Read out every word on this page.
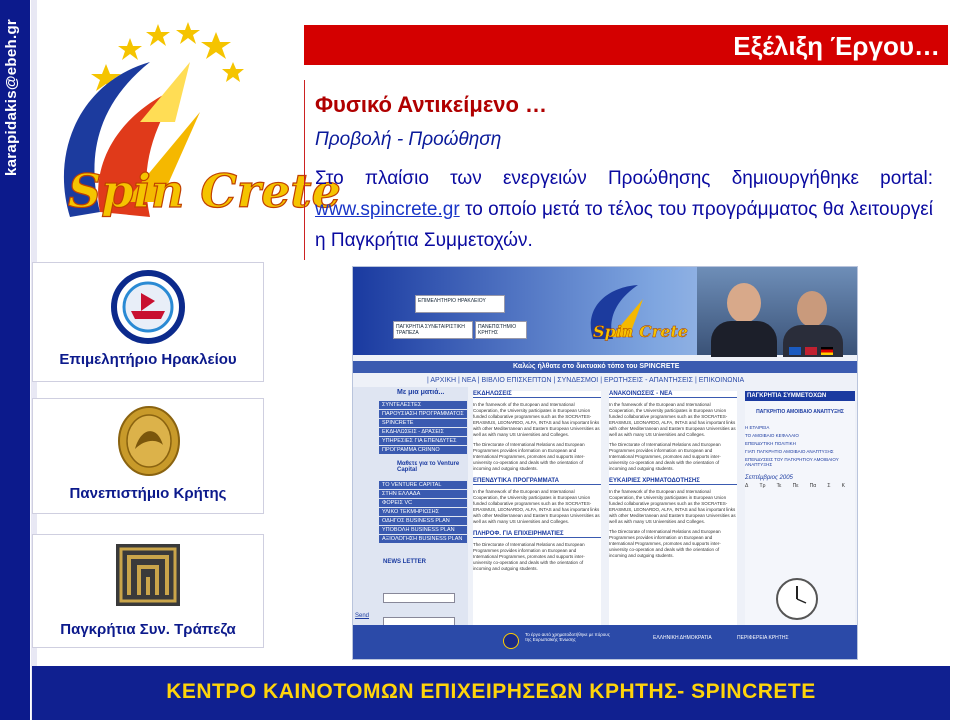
karapidakis@ebeh.gr
Spin Crete
Εξέλιξη Έργου…
Φυσικό Αντικείμενο …
Προβολή - Προώθηση
Στο πλαίσιο των ενεργειών Προώθησης δημιουργήθηκε portal: www.spincrete.gr το οποίο μετά το τέλος του προγράμματος θα λειτουργεί η Παγκρήτια Συμμετοχών.
Επιμελητήριο Ηρακλείου
Πανεπιστήμιο Κρήτης
Παγκρήτια Συν. Τράπεζα
ΕΠΙΜΕΛΗΤΗΡΙΟ ΗΡΑΚΛΕΙΟΥ
ΠΑΓΚΡΗΤΙΑ ΣΥΝΕΤΑΙΡΙΣΤΙΚΗ ΤΡΑΠΕΖΑ
ΠΑΝΕΠΙΣΤΗΜΙΟ ΚΡΗΤΗΣ	Spin Crete
Καλώς ήλθατε στο δικτυακό τόπο του SPINCRETE
| ΑΡΧΙΚΗ | ΝΕΑ | ΒΙΒΛΙΟ ΕΠΙΣΚΕΠΤΩΝ | ΣΥΝΔΕΣΜΟΙ | ΕΡΩΤΗΣΕΙΣ - ΑΠΑΝΤΗΣΕΙΣ | ΕΠΙΚΟΙΝΩΝΙΑ
Με μια ματιά...
ΣΥΝΤΕΛΕΣΤΕΣ
ΠΑΡΟΥΣΙΑΣΗ ΠΡΟΓΡΑΜΜΑΤΟΣ
SPINCRETE
ΕΚΔΗΛΩΣΕΙΣ - ΔΡΑΣΕΙΣ
ΥΠΗΡΕΣΙΕΣ ΓΙΑ ΕΠΕΝΔΥΤΕΣ
ΠΡΟΓΡΑΜΜΑ CRINNO
Μαθετε για το Venture Capital
ΤΟ VENTURE CAPITAL
ΣΤΗΝ ΕΛΛΑΔΑ
ΦΟΡΕΙΣ VC
ΥΛΙΚΟ ΤΕΚΜΗΡΙΩΣΗΣ
ΟΔΗΓΟΣ BUSINESS PLAN
ΥΠΟΒΟΛΗ BUSINESS PLAN
ΑΞΙΟΛΟΓΗΣΗ BUSINESS PLAN
NEWS LETTER
Send
ΕΚΔΗΛΩΣΕΙΣ
In the framework of the European and International Cooperation, the University participates in European Union funded collaborative programmes such as the SOCRATES-ERASMUS, LEONARDO, ALFA, INTAS and has important links with other Mediterranean and Eastern European Universities as well as with many US Universities and Colleges.
The Directorate of International Relations and European Programmes provides information on European and International Programmes, promotes and supports inter-university co-operation and deals with the orientation of incoming and outgoing students.
ΕΠΕΝΔΥΤΙΚΑ ΠΡΟΓΡΑΜΜΑΤΑ
In the framework of the European and International Cooperation, the University participates in European Union funded collaborative programmes such as the SOCRATES-ERASMUS, LEONARDO, ALFA, INTAS and has important links with other Mediterranean and Eastern European Universities as well as with many US Universities and Colleges.
ΠΛΗΡΟΦ. ΓΙΑ ΕΠΙΧΕΙΡΗΜΑΤΙΕΣ
The Directorate of International Relations and European Programmes provides information on European and International Programmes, promotes and supports inter-university co-operation and deals with the orientation of incoming and outgoing students.
ΑΝΑΚΟΙΝΩΣΕΙΣ - ΝΕΑ
In the framework of the European and International Cooperation, the University participates in European Union funded collaborative programmes such as the SOCRATES-ERASMUS, LEONARDO, ALFA, INTAS and has important links with other Mediterranean and Eastern European Universities as well as with many US Universities and Colleges.
The Directorate of International Relations and European Programmes provides information on European and International Programmes, promotes and supports inter-university co-operation and deals with the orientation of incoming and outgoing students.
ΕΥΚΑΙΡΙΕΣ ΧΡΗΜΑΤΟΔΟΤΗΣΗΣ
In the framework of the European and International Cooperation, the University participates in European Union funded collaborative programmes such as the SOCRATES-ERASMUS, LEONARDO, ALFA, INTAS and has important links with other Mediterranean and Eastern European Universities as well as with many US Universities and Colleges.
The Directorate of International Relations and European Programmes provides information on European and International Programmes, promotes and supports inter-university co-operation and deals with the orientation of incoming and outgoing students.
ΠΑΓΚΡΗΤΙΑ ΣΥΜΜΕΤΟΧΩΝ
ΠΑΓΚΡΗΤΙΟ ΑΜΟΙΒΑΙΟ ΑΝΑΠΤΥΞΗΣ
Η ΕΤΑΙΡΕΙΑ
ΤΟ ΑΜΟΙΒΑΙΟ ΚΕΦΑΛΑΙΟ
ΕΠΕΝΔΥΤΙΚΗ ΠΟΛΙΤΙΚΗ
ΓΙΑΤΙ ΠΑΓΚΡΗΤΙΟ ΑΜΟΙΒΑΙΟ ΑΝΑΠΤΥΞΗΣ
ΕΠΕΝΔΥΣΕΙΣ ΤΟΥ ΠΑΓΚΡΗΤΙΟΥ ΑΜΟΙΒΑΙΟΥ ΑΝΑΠΤΥΞΗΣ
Σεπτέμβριος 2005
Δ Τρ Τε Πε Πα Σ Κ
Το έργο αυτό χρηματοδοτήθηκε με πόρους της Ευρωπαϊκής Ένωσης	ΕΛΛΗΝΙΚΗ ΔΗΜΟΚΡΑΤΙΑ	ΠΕΡΙΦΕΡΕΙΑ ΚΡΗΤΗΣ
ΚΕΝΤΡΟ ΚΑΙΝΟΤΟΜΩΝ ΕΠΙΧΕΙΡΗΣΕΩΝ ΚΡΗΤΗΣ- SPINCRETE
